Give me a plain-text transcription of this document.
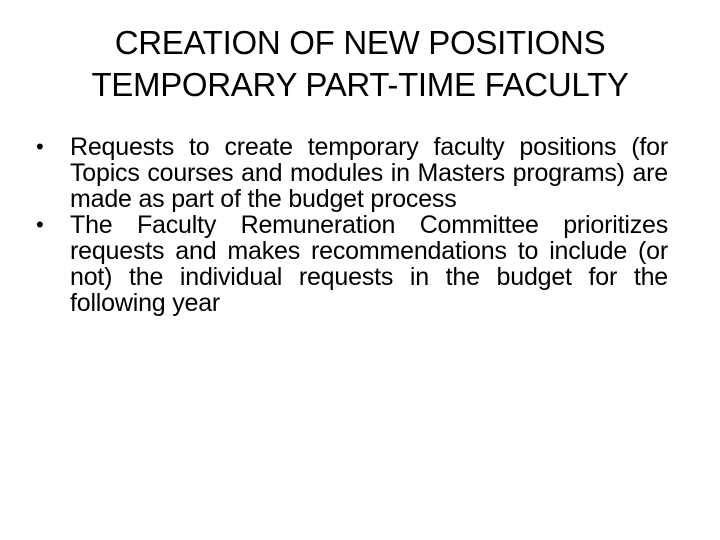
CREATION OF NEW POSITIONS
TEMPORARY PART-TIME FACULTY
•	Requests to create temporary faculty positions (for Topics courses and modules in Masters programs) are made as part of the budget process
•	The Faculty Remuneration Committee prioritizes requests and makes recommendations to include (or not) the individual requests in the budget for the following year
